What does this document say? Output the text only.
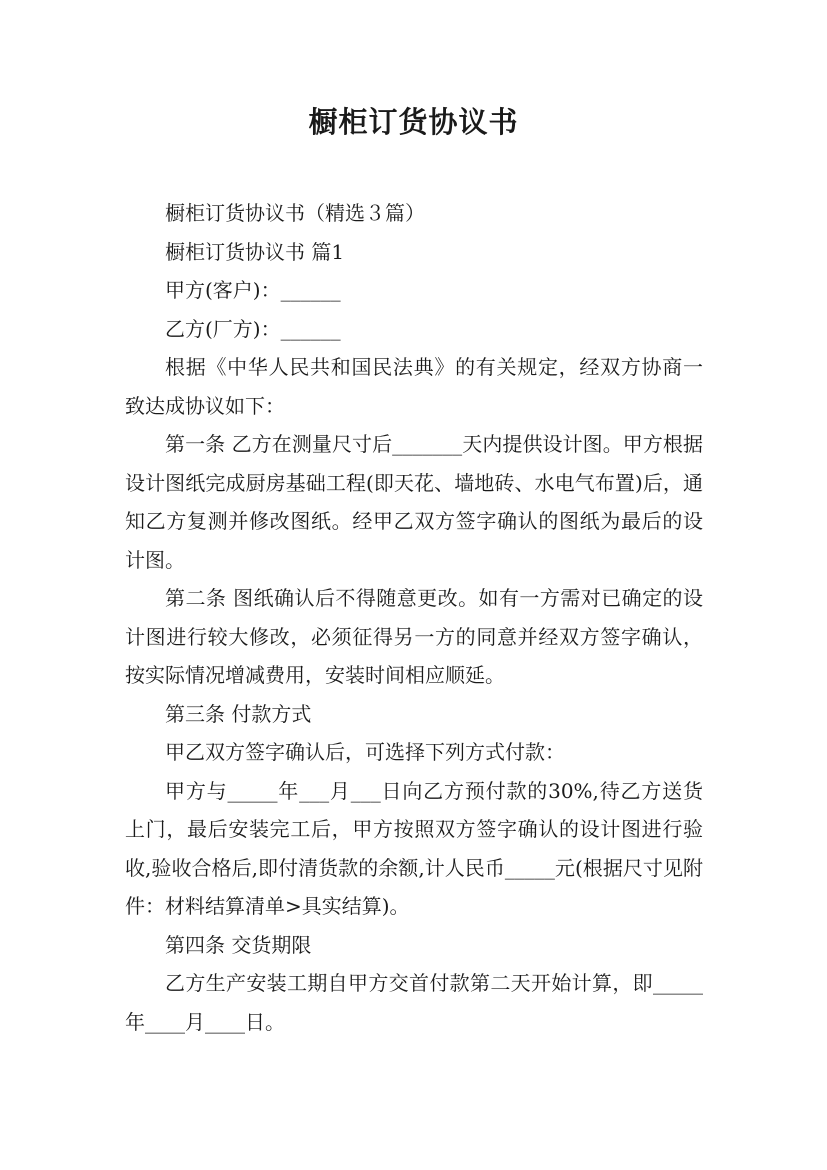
橱柜订货协议书

橱柜订货协议书（精选３篇）

橱柜订货协议书 篇1

甲方(客户)：______

乙方(厂方)：______

根据《中华人民共和国民法典》的有关规定，经双方协商一致达成协议如下：

第一条 乙方在测量尺寸后_______天内提供设计图。甲方根据设计图纸完成厨房基础工程(即天花、墙地砖、水电气布置)后，通知乙方复测并修改图纸。经甲乙双方签字确认的图纸为最后的设计图。

第二条 图纸确认后不得随意更改。如有一方需对已确定的设计图进行较大修改，必须征得另一方的同意并经双方签字确认，按实际情况增减费用，安装时间相应顺延。

第三条 付款方式

甲乙双方签字确认后，可选择下列方式付款：

甲方与_____年___月___日向乙方预付款的30%,待乙方送货上门，最后安装完工后，甲方按照双方签字确认的设计图进行验收,验收合格后,即付清货款的余额,计人民币_____元(根据尺寸见附件：材料结算清单>具实结算)。

第四条 交货期限

乙方生产安装工期自甲方交首付款第二天开始计算，即_____年____月____日。
